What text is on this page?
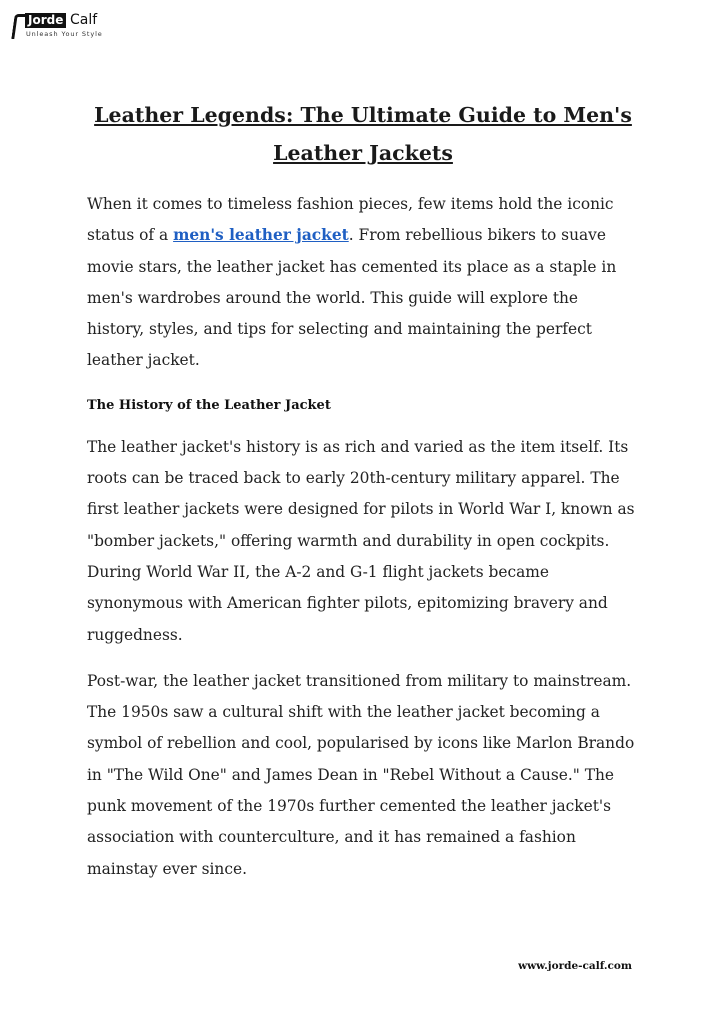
Jorde Calf
Unleash Your Style
Leather Legends: The Ultimate Guide to Men's Leather Jackets

When it comes to timeless fashion pieces, few items hold the iconic status of a men's leather jacket. From rebellious bikers to suave movie stars, the leather jacket has cemented its place as a staple in men's wardrobes around the world. This guide will explore the history, styles, and tips for selecting and maintaining the perfect leather jacket.

The History of the Leather Jacket

The leather jacket's history is as rich and varied as the item itself. Its roots can be traced back to early 20th-century military apparel. The first leather jackets were designed for pilots in World War I, known as "bomber jackets," offering warmth and durability in open cockpits. During World War II, the A-2 and G-1 flight jackets became synonymous with American fighter pilots, epitomizing bravery and ruggedness.

Post-war, the leather jacket transitioned from military to mainstream. The 1950s saw a cultural shift with the leather jacket becoming a symbol of rebellion and cool, popularised by icons like Marlon Brando in "The Wild One" and James Dean in "Rebel Without a Cause." The punk movement of the 1970s further cemented the leather jacket's association with counterculture, and it has remained a fashion mainstay ever since.

www.jorde-calf.com
